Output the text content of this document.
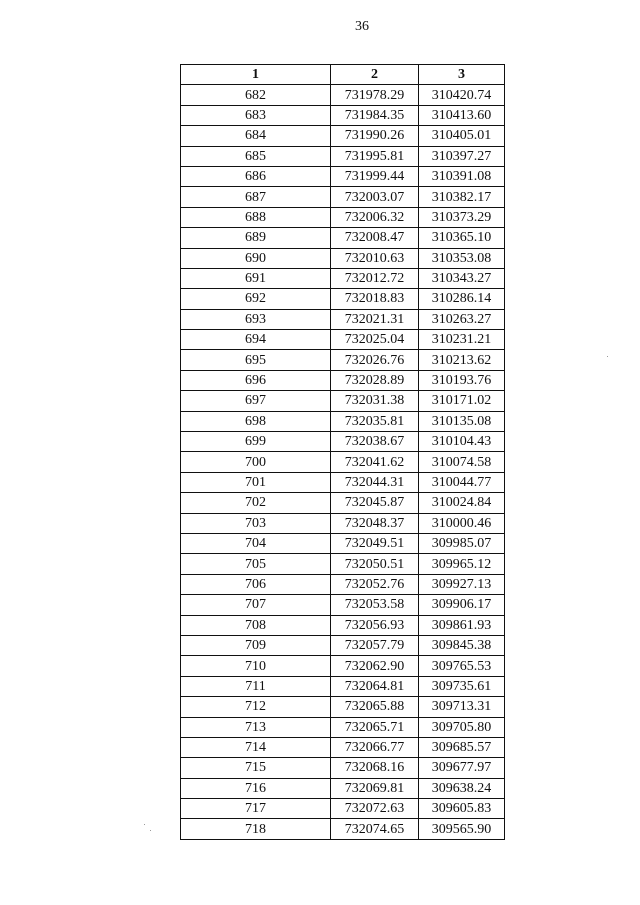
36
1	2	3
682	731978.29	310420.74
683	731984.35	310413.60
684	731990.26	310405.01
685	731995.81	310397.27
686	731999.44	310391.08
687	732003.07	310382.17
688	732006.32	310373.29
689	732008.47	310365.10
690	732010.63	310353.08
691	732012.72	310343.27
692	732018.83	310286.14
693	732021.31	310263.27
694	732025.04	310231.21
695	732026.76	310213.62
696	732028.89	310193.76
697	732031.38	310171.02
698	732035.81	310135.08
699	732038.67	310104.43
700	732041.62	310074.58
701	732044.31	310044.77
702	732045.87	310024.84
703	732048.37	310000.46
704	732049.51	309985.07
705	732050.51	309965.12
706	732052.76	309927.13
707	732053.58	309906.17
708	732056.93	309861.93
709	732057.79	309845.38
710	732062.90	309765.53
711	732064.81	309735.61
712	732065.88	309713.31
713	732065.71	309705.80
714	732066.77	309685.57
715	732068.16	309677.97
716	732069.81	309638.24
717	732072.63	309605.83
718	732074.65	309565.90
